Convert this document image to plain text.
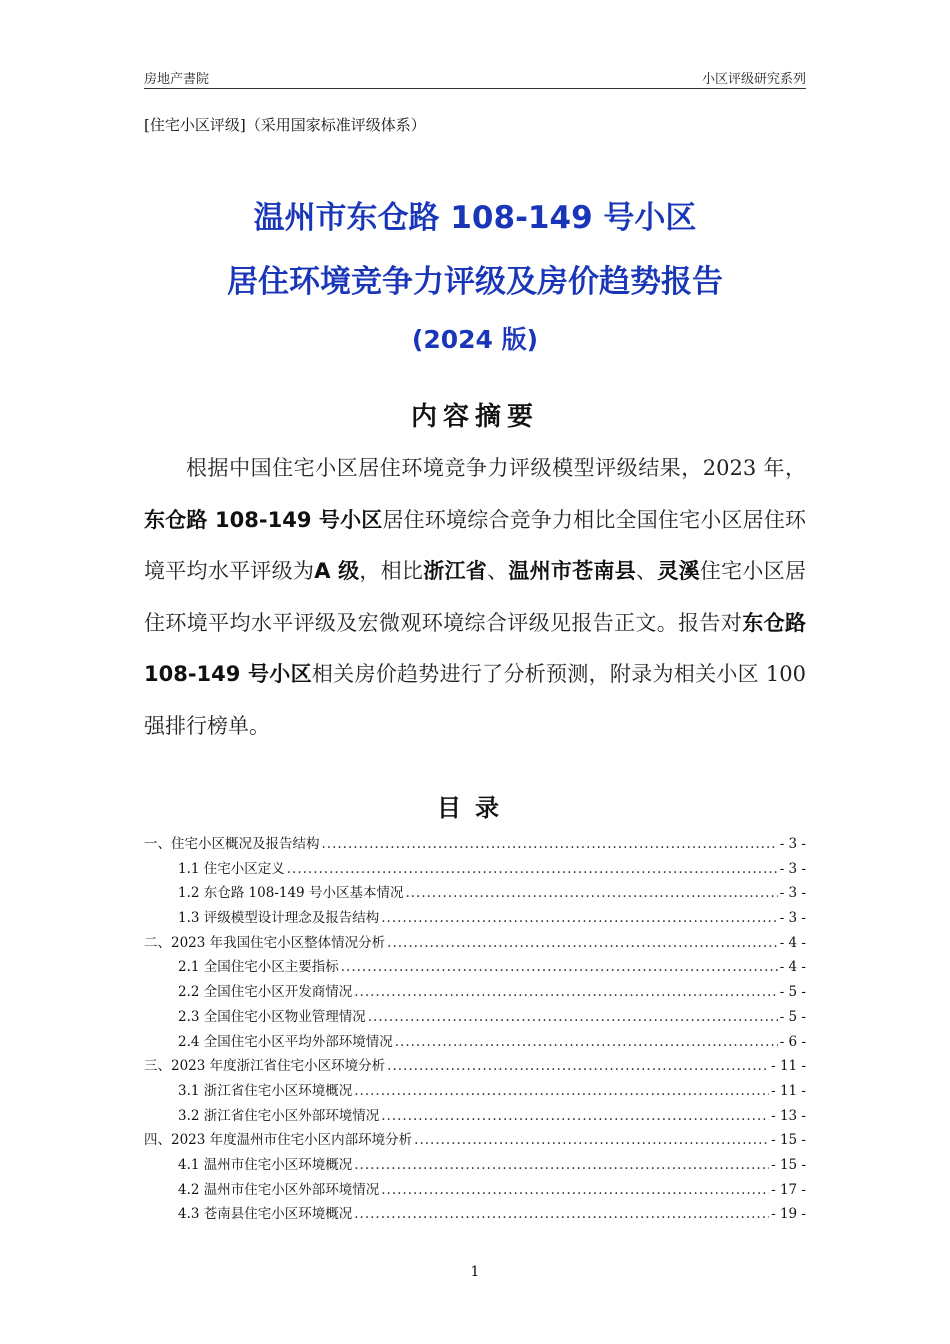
房地产書院	小区评级研究系列
[住宅小区评级]（采用国家标准评级体系）
温州市东仓路 108-149 号小区
居住环境竞争力评级及房价趋势报告
(2024 版)
内容摘要
根据中国住宅小区居住环境竞争力评级模型评级结果，2023 年，东仓路 108-149 号小区居住环境综合竞争力相比全国住宅小区居住环境平均水平评级为A 级，相比浙江省、温州市苍南县、灵溪住宅小区居住环境平均水平评级及宏微观环境综合评级见报告正文。报告对东仓路 108-149 号小区相关房价趋势进行了分析预测，附录为相关小区 100 强排行榜单。
目录
一、住宅小区概况及报告结构 .....	- 3 -
1.1 住宅小区定义 .....	- 3 -
1.2 东仓路 108-149 号小区基本情况 .....	- 3 -
1.3 评级模型设计理念及报告结构 .....	- 3 -
二、2023 年我国住宅小区整体情况分析 .....	- 4 -
2.1 全国住宅小区主要指标 .....	- 4 -
2.2 全国住宅小区开发商情况 .....	- 5 -
2.3 全国住宅小区物业管理情况 .....	- 5 -
2.4 全国住宅小区平均外部环境情况 .....	- 6 -
三、2023 年度浙江省住宅小区环境分析 .....	- 11 -
3.1 浙江省住宅小区环境概况 .....	- 11 -
3.2 浙江省住宅小区外部环境情况 .....	- 13 -
四、2023 年度温州市住宅小区内部环境分析 .....	- 15 -
4.1 温州市住宅小区环境概况 .....	- 15 -
4.2 温州市住宅小区外部环境情况 .....	- 17 -
4.3 苍南县住宅小区环境概况 .....	- 19 -
1
